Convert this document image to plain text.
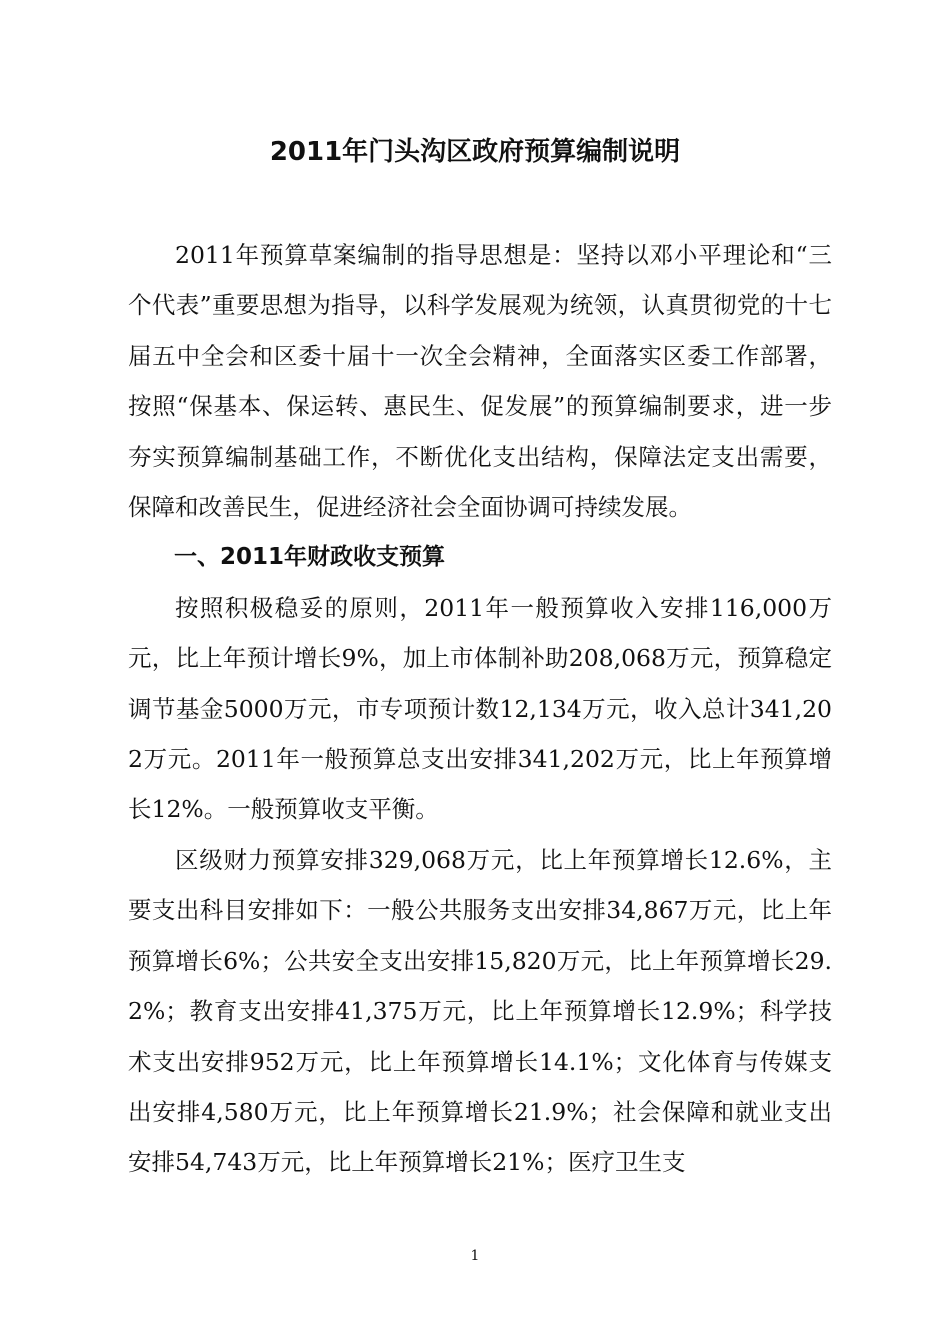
2011年门头沟区政府预算编制说明

2011年预算草案编制的指导思想是：坚持以邓小平理论和“三个代表”重要思想为指导，以科学发展观为统领，认真贯彻党的十七届五中全会和区委十届十一次全会精神，全面落实区委工作部署，按照“保基本、保运转、惠民生、促发展”的预算编制要求，进一步夯实预算编制基础工作，不断优化支出结构，保障法定支出需要，保障和改善民生，促进经济社会全面协调可持续发展。

一、2011年财政收支预算

按照积极稳妥的原则，2011年一般预算收入安排116,000万元，比上年预计增长9%，加上市体制补助208,068万元，预算稳定调节基金5000万元，市专项预计数12,134万元，收入总计341,202万元。2011年一般预算总支出安排341,202万元，比上年预算增长12%。一般预算收支平衡。

区级财力预算安排329,068万元，比上年预算增长12.6%，主要支出科目安排如下：一般公共服务支出安排34,867万元，比上年预算增长6%；公共安全支出安排15,820万元，比上年预算增长29.2%；教育支出安排41,375万元，比上年预算增长12.9%；科学技术支出安排952万元，比上年预算增长14.1%；文化体育与传媒支出安排4,580万元，比上年预算增长21.9%；社会保障和就业支出安排54,743万元，比上年预算增长21%；医疗卫生支

1
